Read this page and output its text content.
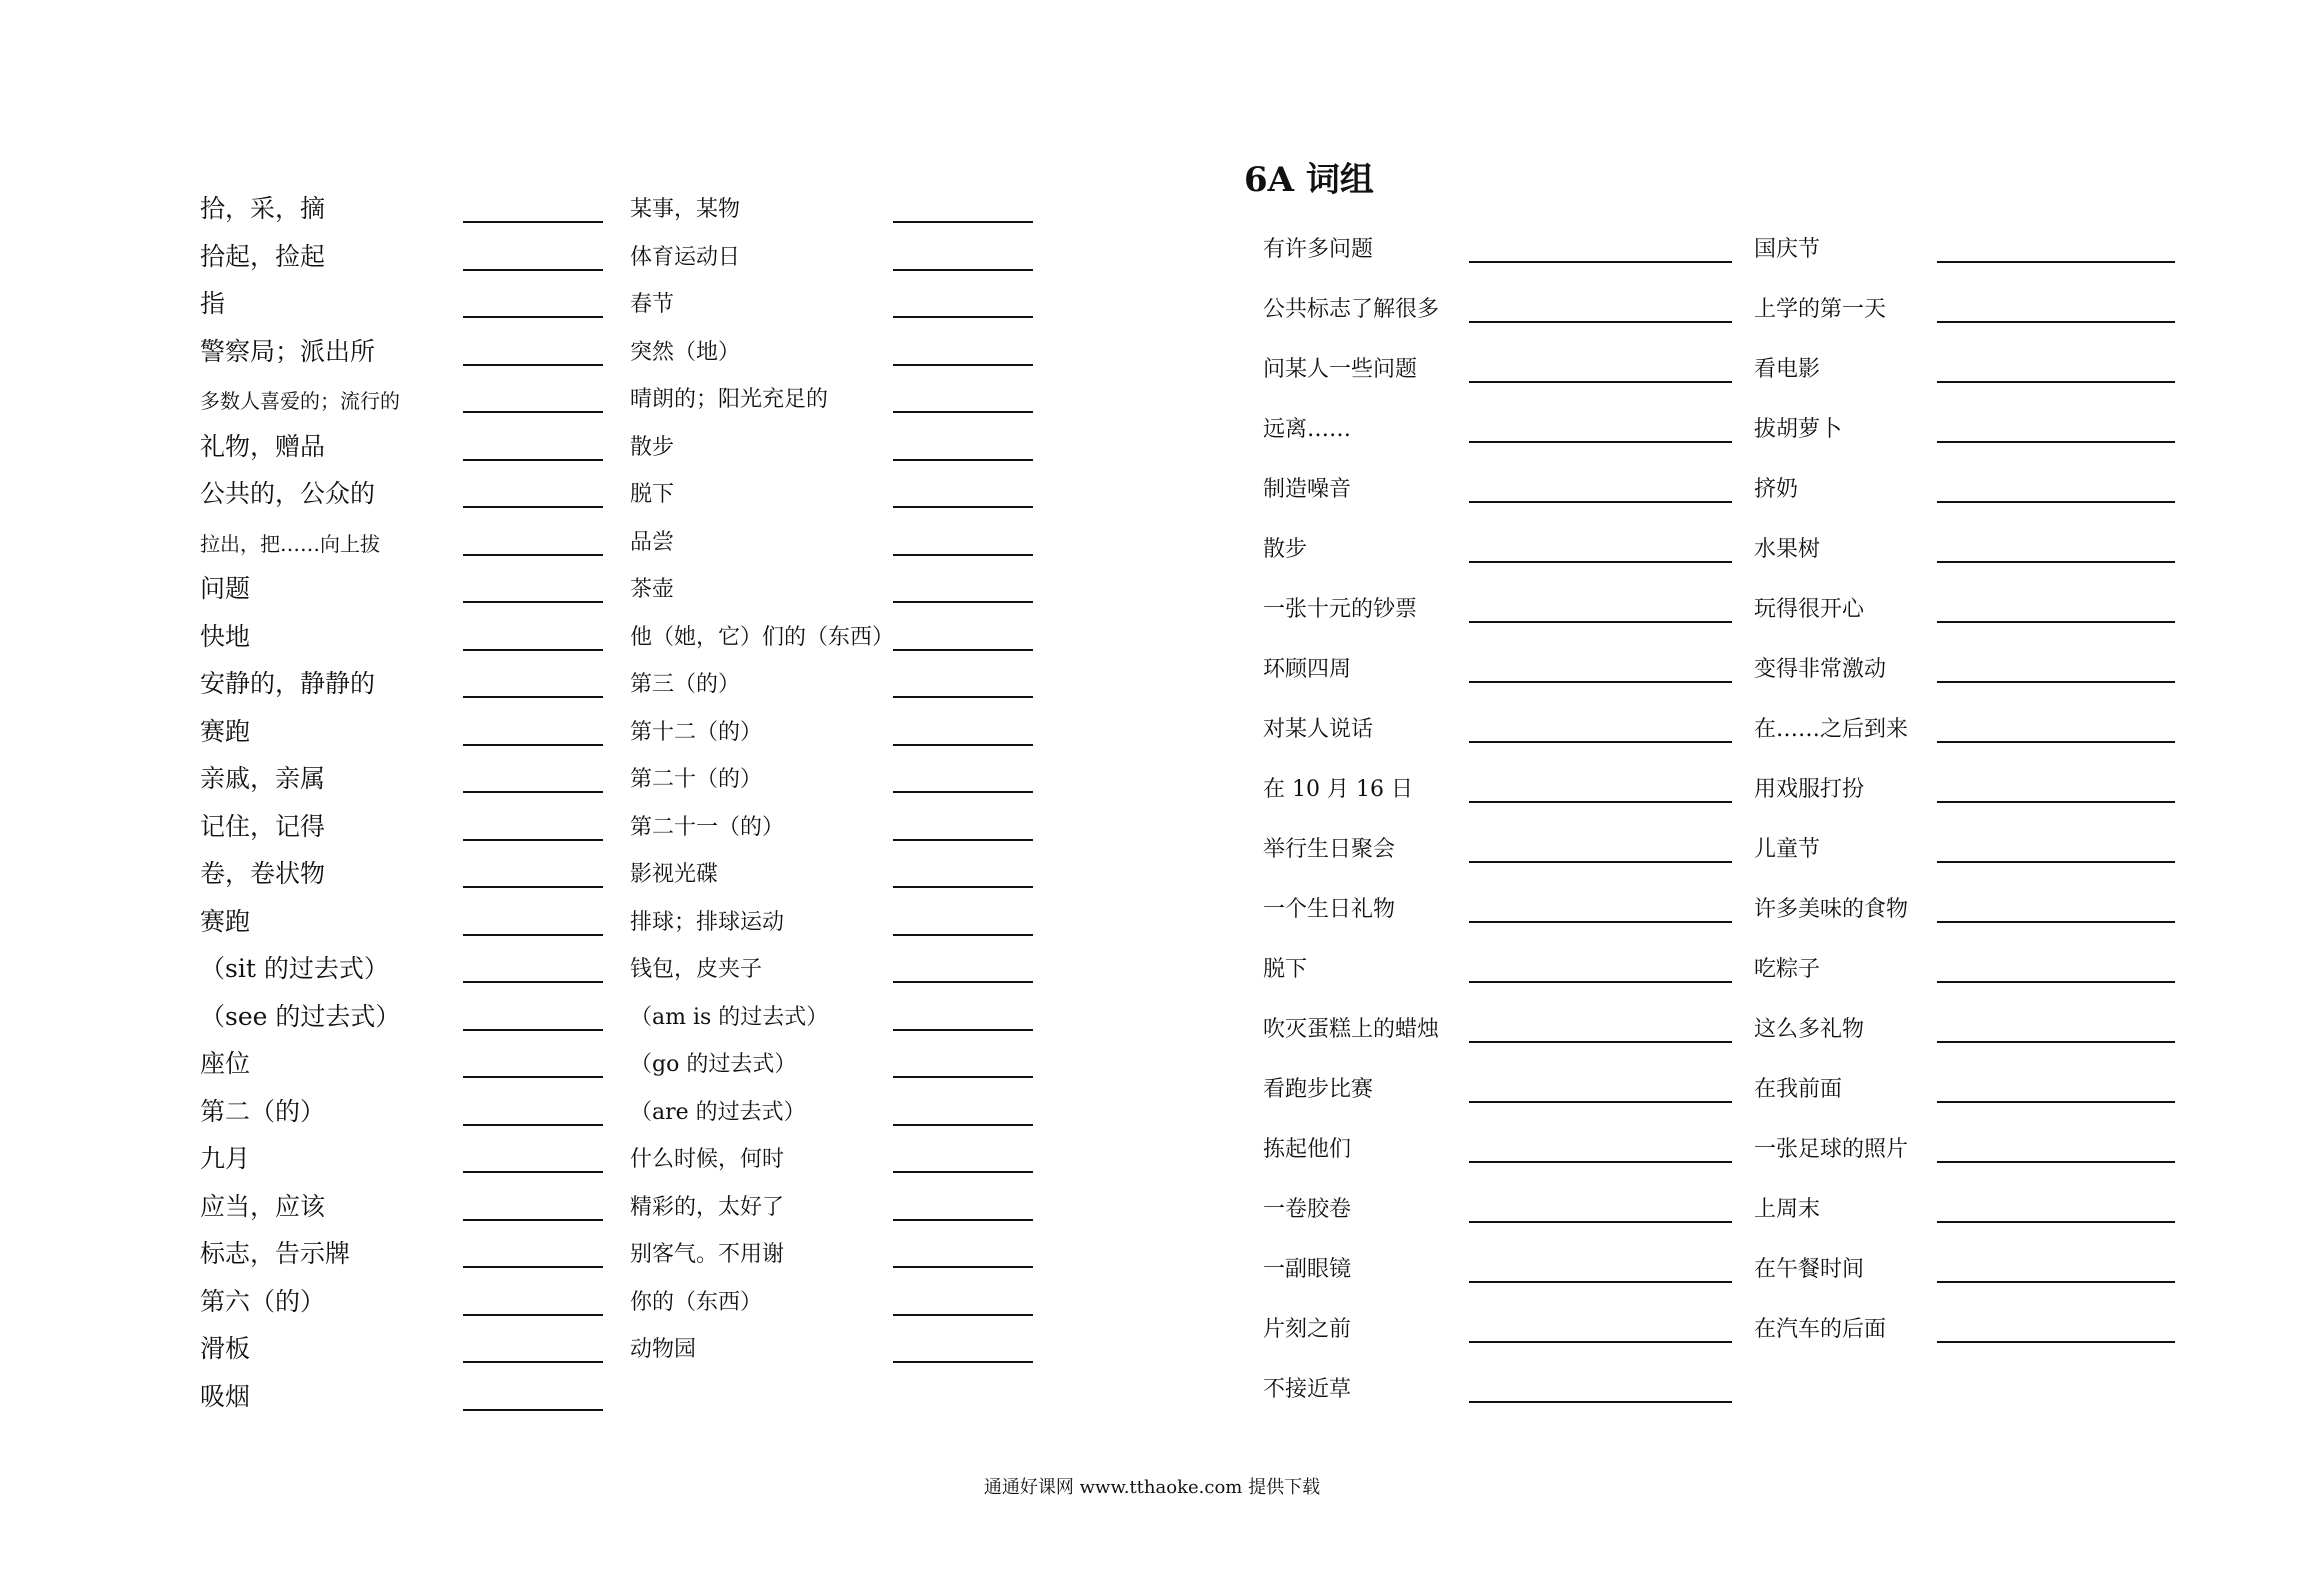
拾，采，摘
拾起，捡起
指
警察局；派出所
多数人喜爱的；流行的
礼物，赠品
公共的，公众的
拉出，把……向上拔
问题
快地
安静的，静静的
赛跑
亲戚，亲属
记住，记得
卷，卷状物
赛跑
（sit 的过去式）
（see 的过去式）
座位
第二（的）
九月
应当，应该
标志，告示牌
第六（的）
滑板
吸烟
某事，某物
体育运动日
春节
突然（地）
晴朗的；阳光充足的
散步
脱下
品尝
茶壶
他（她，它）们的（东西）
第三（的）
第十二（的）
第二十（的）
第二十一（的）
影视光碟
排球；排球运动
钱包，皮夹子
（am is 的过去式）
（go 的过去式）
（are 的过去式）
什么时候，何时
精彩的，太好了
别客气。不用谢
你的（东西）
动物园
6A 词组
有许多问题
公共标志了解很多
问某人一些问题
远离……
制造噪音
散步
一张十元的钞票
环顾四周
对某人说话
在 10 月 16 日
举行生日聚会
一个生日礼物
脱下
吹灭蛋糕上的蜡烛
看跑步比赛
拣起他们
一卷胶卷
一副眼镜
片刻之前
不接近草
国庆节
上学的第一天
看电影
拔胡萝卜
挤奶
水果树
玩得很开心
变得非常激动
在……之后到来
用戏服打扮
儿童节
许多美味的食物
吃粽子
这么多礼物
在我前面
一张足球的照片
上周末
在午餐时间
在汽车的后面
通通好课网 www.tthaoke.com 提供下载
